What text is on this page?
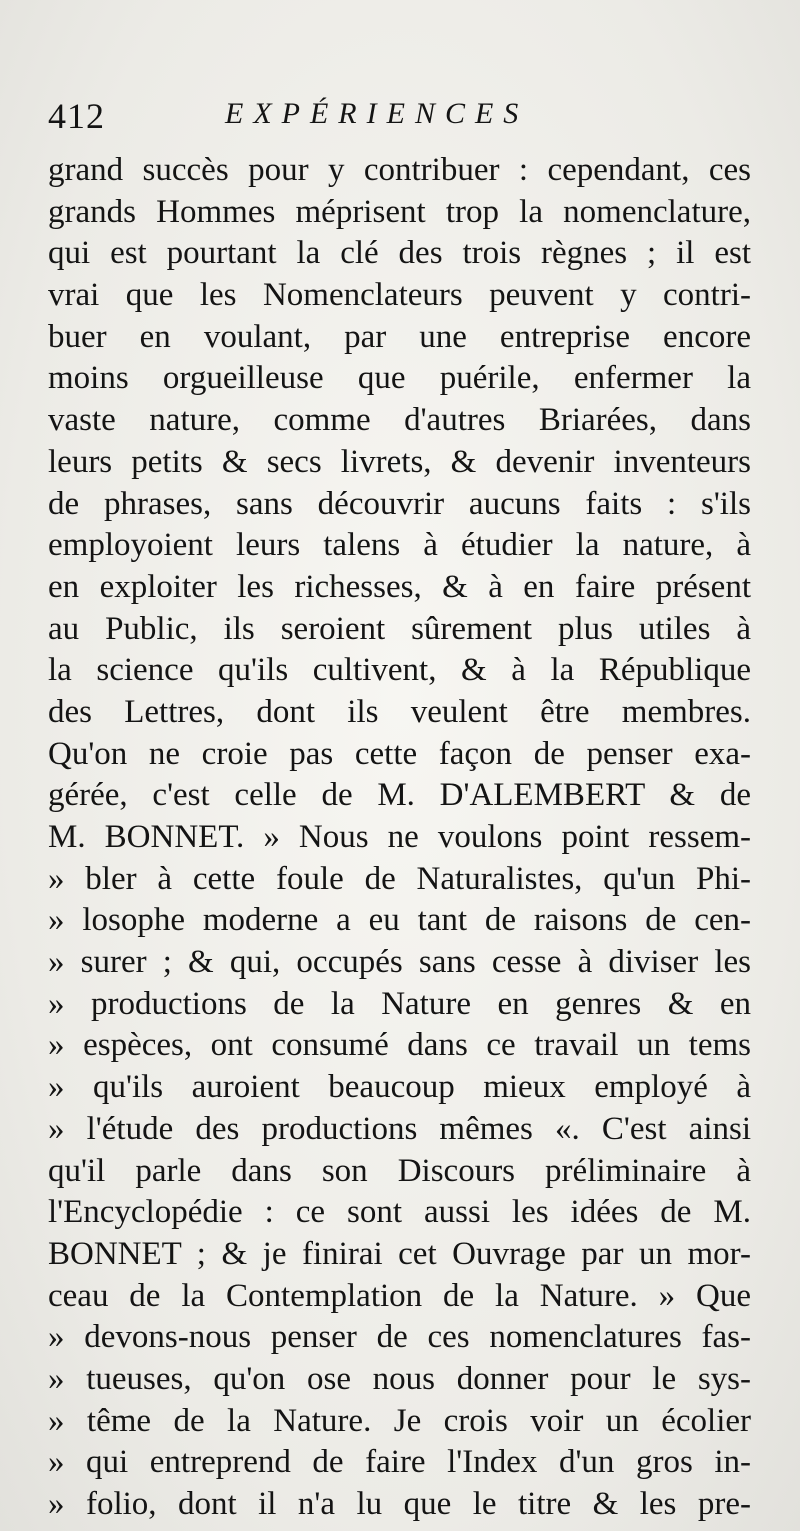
412	EXPÉRIENCES
grand succès pour y contribuer : cependant, ces
grands Hommes méprisent trop la nomenclature,
qui est pourtant la clé des trois règnes ; il est
vrai que les Nomenclateurs peuvent y contri-
buer en voulant, par une entreprise encore
moins orgueilleuse que puérile, enfermer la
vaste nature, comme d'autres Briarées, dans
leurs petits & secs livrets, & devenir inventeurs
de phrases, sans découvrir aucuns faits : s'ils
employoient leurs talens à étudier la nature, à
en exploiter les richesses, & à en faire présent
au Public, ils seroient sûrement plus utiles à
la science qu'ils cultivent, & à la République
des Lettres, dont ils veulent être membres.
Qu'on ne croie pas cette façon de penser exa-
gérée, c'est celle de M. D'ALEMBERT & de
M. BONNET. » Nous ne voulons point ressem-
» bler à cette foule de Naturalistes, qu'un Phi-
» losophe moderne a eu tant de raisons de cen-
» surer ; & qui, occupés sans cesse à diviser les
» productions de la Nature en genres & en
» espèces, ont consumé dans ce travail un tems
» qu'ils auroient beaucoup mieux employé à
» l'étude des productions mêmes «. C'est ainsi
qu'il parle dans son Discours préliminaire à
l'Encyclopédie : ce sont aussi les idées de M.
BONNET ; & je finirai cet Ouvrage par un mor-
ceau de la Contemplation de la Nature. » Que
» devons-nous penser de ces nomenclatures fas-
» tueuses, qu'on ose nous donner pour le sys-
» tême de la Nature. Je crois voir un écolier
» qui entreprend de faire l'Index d'un gros in-
» folio, dont il n'a lu que le titre & les pre-
